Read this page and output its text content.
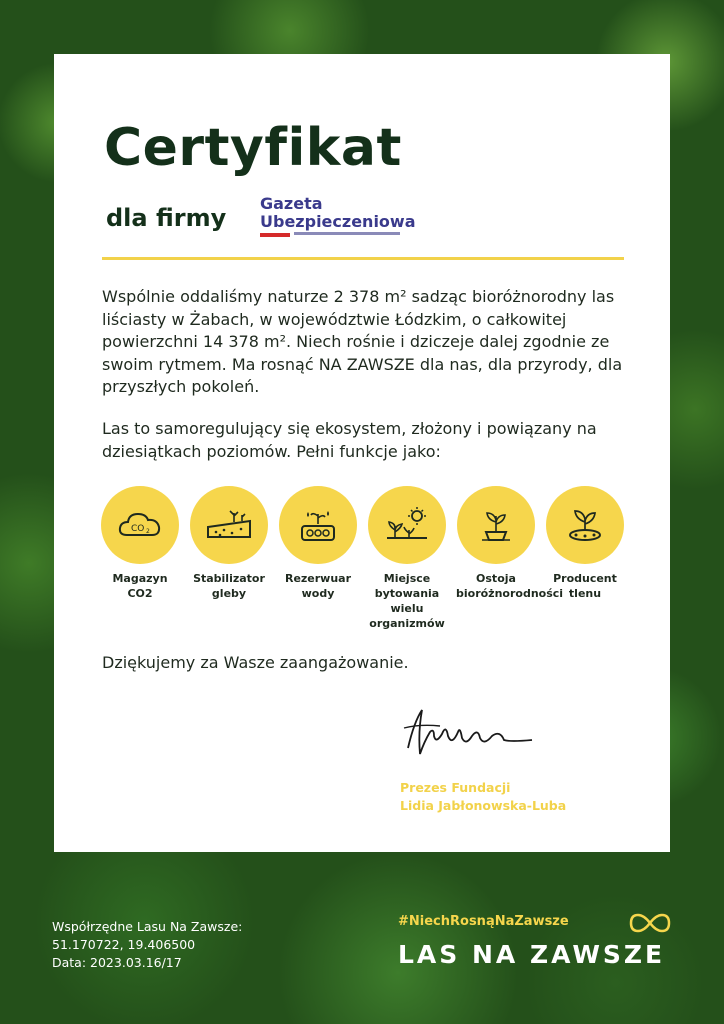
Certyfikat
dla firmy
Gazeta
Ubezpieczeniowa

Wspólnie oddaliśmy naturze 2 378 m² sadząc bioróżnorodny las liściasty w Żabach, w województwie Łódzkim, o całkowitej powierzchni 14 378 m². Niech rośnie i dziczeje dalej zgodnie ze swoim rytmem. Ma rosnąć NA ZAWSZE dla nas, dla przyrody, dla przyszłych pokoleń.

Las to samoregulujący się ekosystem, złożony i powiązany na dziesiątkach poziomów. Pełni funkcje jako:

CO 2
Magazyn CO2
Stabilizator gleby
Rezerwuar wody
Miejsce bytowania wielu organizmów
Ostoja bioróżnorodności
Producent tlenu

Dziękujemy za Wasze zaangażowanie.

Prezes Fundacji
Lidia Jabłonowska-Luba
Współrzędne Lasu Na Zawsze:
51.170722, 19.406500
Data: 2023.03.16/17
#NiechRosnąNaZawsze
LAS NA ZAWSZE
